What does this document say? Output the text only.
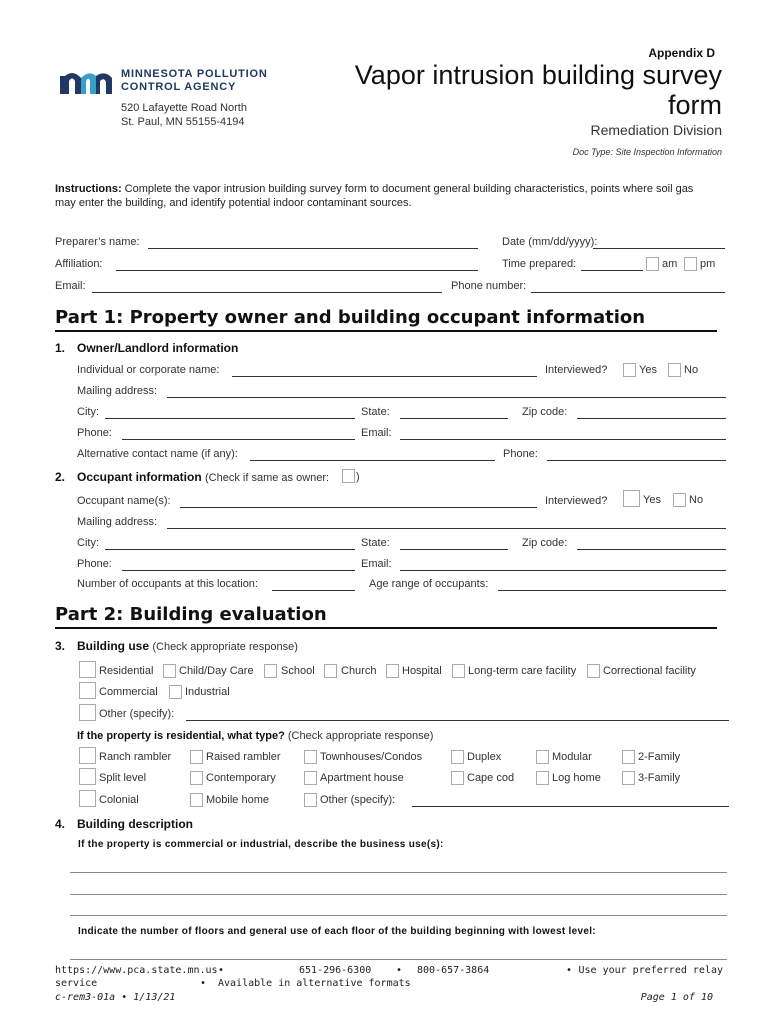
Appendix D
MINNESOTA POLLUTION
CONTROL AGENCY
520 Lafayette Road North
St. Paul, MN 55155-4194
Vapor intrusion building survey
form
Remediation Division
Doc Type: Site Inspection Information
Instructions: Complete the vapor intrusion building survey form to document general building characteristics, points where soil gas
may enter the building, and identify potential indoor contaminant sources.
Preparer’s name:	Date (mm/dd/yyyy):
Affiliation:	Time prepared:	am pm
Email:	Phone number:
Part 1: Property owner and building occupant information
1. Owner/Landlord information
Individual or corporate name:	Interviewed?	Yes No
Mailing address:
City:	State:	Zip code:
Phone:	Email:
Alternative contact name (if any):	Phone:
2. Occupant information (Check if same as owner: )
Occupant name(s):	Interviewed?	Yes	No
Mailing address:
City:	State:	Zip code:
Phone:	Email:
Number of occupants at this location:	Age range of occupants:
Part 2: Building evaluation
3. Building use (Check appropriate response)
Residential Child/Day Care School Church Hospital Long-term care facility Correctional facility
Commercial Industrial
Other (specify):
If the property is residential, what type? (Check appropriate response)
Ranch rambler	Raised rambler	Townhouses/Condos	Duplex	Modular	2-Family
Split level	Contemporary	Apartment house	Cape cod	Log home	3-Family
Colonial	Mobile home	Other (specify):
4. Building description
If the property is commercial or industrial, describe the business use(s):
Indicate the number of floors and general use of each floor of the building beginning with lowest level:
https://www.pca.state.mn.us •	651-296-6300 • 800-657-3864	• Use your preferred relay
service	• Available in alternative formats
c-rem3-01a • 1/13/21	Page 1 of 10
